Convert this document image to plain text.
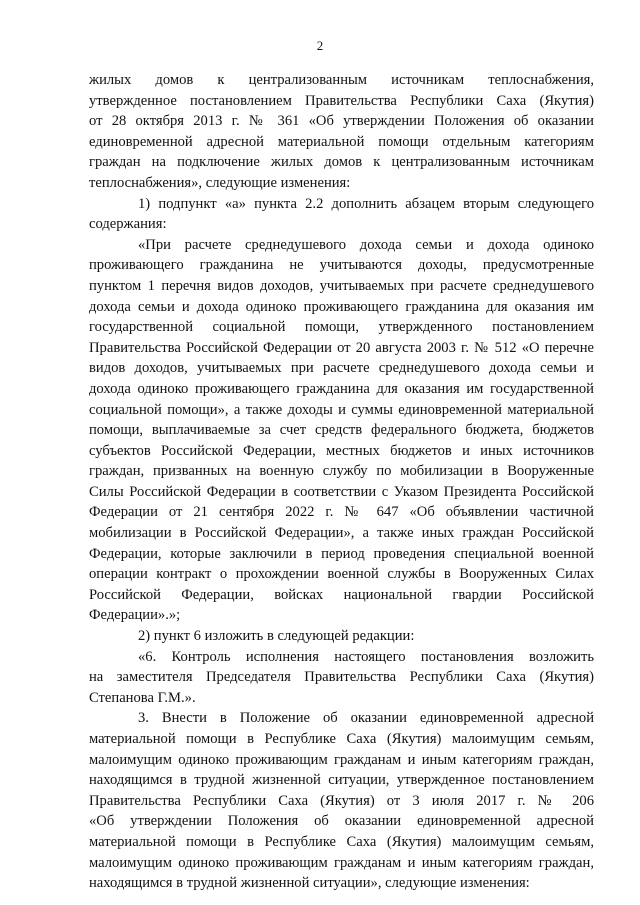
2
жилых домов к централизованным источникам теплоснабжения,
утвержденное постановлением Правительства Республики Саха (Якутия)
от 28 октября 2013 г. № 361 «Об утверждении Положения об оказании
единовременной адресной материальной помощи отдельным категориям
граждан на подключение жилых домов к централизованным источникам
теплоснабжения», следующие изменения:
1) подпункт «а» пункта 2.2 дополнить абзацем вторым следующего
содержания:
«При расчете среднедушевого дохода семьи и дохода одиноко
проживающего гражданина не учитываются доходы, предусмотренные
пунктом 1 перечня видов доходов, учитываемых при расчете среднедушевого
дохода семьи и дохода одиноко проживающего гражданина для оказания им
государственной социальной помощи, утвержденного постановлением
Правительства Российской Федерации от 20 августа 2003 г. № 512 «О перечне
видов доходов, учитываемых при расчете среднедушевого дохода семьи и
дохода одиноко проживающего гражданина для оказания им государственной
социальной помощи», а также доходы и суммы единовременной материальной
помощи, выплачиваемые за счет средств федерального бюджета, бюджетов
субъектов Российской Федерации, местных бюджетов и иных источников
граждан, призванных на военную службу по мобилизации в Вооруженные
Силы Российской Федерации в соответствии с Указом Президента Российской
Федерации от 21 сентября 2022 г. № 647 «Об объявлении частичной
мобилизации в Российской Федерации», а также иных граждан Российской
Федерации, которые заключили в период проведения специальной военной
операции контракт о прохождении военной службы в Вооруженных Силах
Российской Федерации, войсках национальной гвардии Российской
Федерации».»;
2) пункт 6 изложить в следующей редакции:
«6. Контроль исполнения настоящего постановления возложить
на заместителя Председателя Правительства Республики Саха (Якутия)
Степанова Г.М.».
3. Внести в Положение об оказании единовременной адресной
материальной помощи в Республике Саха (Якутия) малоимущим семьям,
малоимущим одиноко проживающим гражданам и иным категориям граждан,
находящимся в трудной жизненной ситуации, утвержденное постановлением
Правительства Республики Саха (Якутия) от 3 июля 2017 г. № 206
«Об утверждении Положения об оказании единовременной адресной
материальной помощи в Республике Саха (Якутия) малоимущим семьям,
малоимущим одиноко проживающим гражданам и иным категориям граждан,
находящимся в трудной жизненной ситуации», следующие изменения:
